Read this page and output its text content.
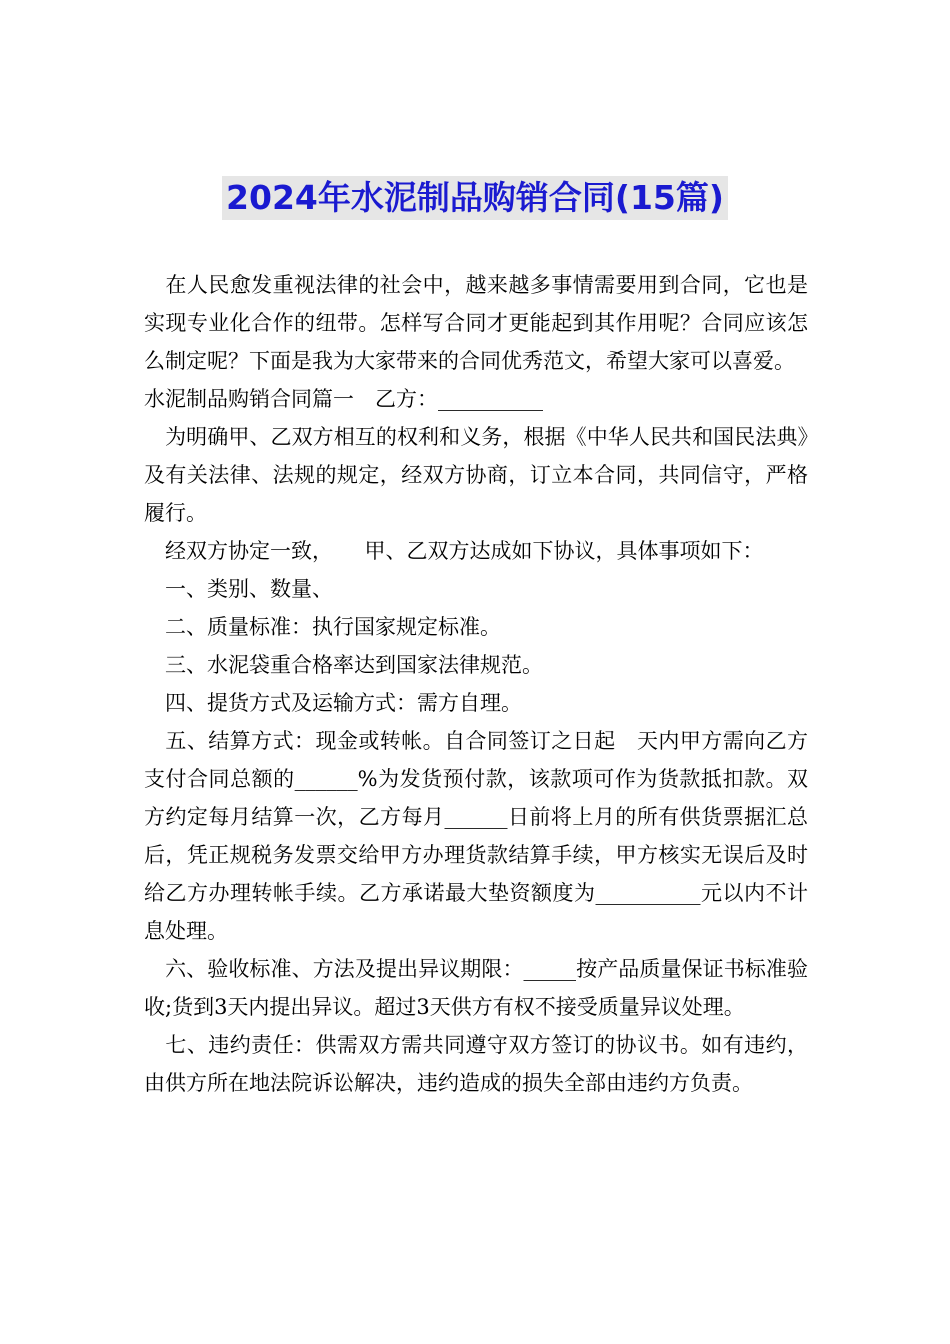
2024年水泥制品购销合同(15篇)

　在人民愈发重视法律的社会中，越来越多事情需要用到合同，它也是实现专业化合作的纽带。怎样写合同才更能起到其作用呢？合同应该怎么制定呢？下面是我为大家带来的合同优秀范文，希望大家可以喜爱。

水泥制品购销合同篇一　乙方：__________

　为明确甲、乙双方相互的权利和义务，根据《中华人民共和国民法典》及有关法律、法规的规定，经双方协商，订立本合同，共同信守，严格履行。

　经双方协定一致，　　甲、乙双方达成如下协议，具体事项如下：

　一、类别、数量、

　二、质量标准：执行国家规定标准。

　三、水泥袋重合格率达到国家法律规范。

　四、提货方式及运输方式：需方自理。

　五、结算方式：现金或转帐。自合同签订之日起　天内甲方需向乙方支付合同总额的______%为发货预付款，该款项可作为货款抵扣款。双方约定每月结算一次，乙方每月______日前将上月的所有供货票据汇总后，凭正规税务发票交给甲方办理货款结算手续，甲方核实无误后及时给乙方办理转帐手续。乙方承诺最大垫资额度为__________元以内不计息处理。

　六、验收标准、方法及提出异议期限：_____按产品质量保证书标准验收;货到3天内提出异议。超过3天供方有权不接受质量异议处理。

　七、违约责任：供需双方需共同遵守双方签订的协议书。如有违约，由供方所在地法院诉讼解决，违约造成的损失全部由违约方负责。
